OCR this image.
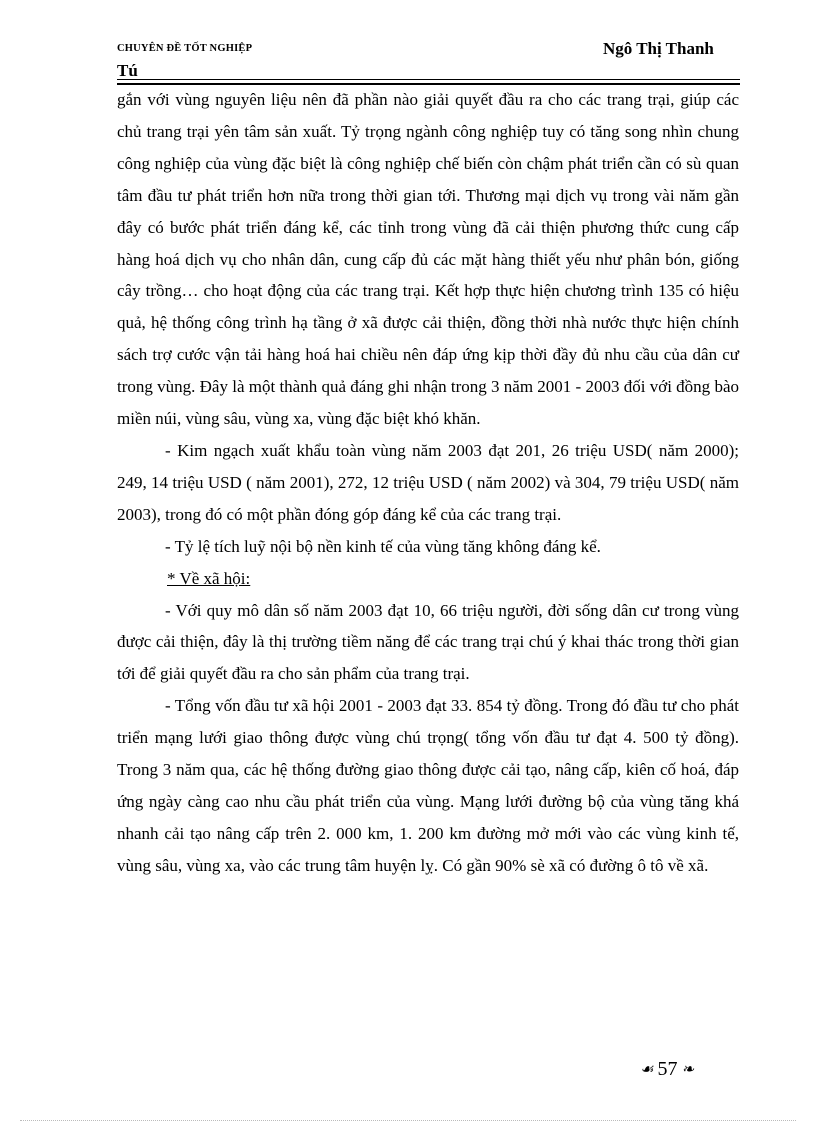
CHUYÊN ĐỀ TỐT NGHIỆP	Ngô Thị Thanh
Tú

gắn với vùng nguyên liệu nên đã phần nào giải quyết đầu ra cho các trang trại, giúp các chủ trang trại yên tâm sản xuất. Tỷ trọng ngành công nghiệp tuy có tăng song nhìn chung công nghiệp của vùng đặc biệt là công nghiệp chế biến còn chậm phát triển cần có sù quan tâm đầu tư phát triển hơn nữa trong thời gian tới. Thương mại dịch vụ trong vài năm gần đây có bước phát triển đáng kể, các tỉnh trong vùng đã cải thiện phương thức cung cấp hàng hoá dịch vụ cho nhân dân, cung cấp đủ các mặt hàng thiết yếu như phân bón, giống cây trồng… cho hoạt động của các trang trại. Kết hợp thực hiện chương trình 135 có hiệu quả, hệ thống công trình hạ tầng ở xã được cải thiện, đồng thời nhà nước thực hiện chính sách trợ cước vận tải hàng hoá hai chiều nên đáp ứng kịp thời đầy đủ nhu cầu của dân cư trong vùng. Đây là một thành quả đáng ghi nhận trong 3 năm 2001 - 2003 đối với đồng bào miền núi, vùng sâu, vùng xa, vùng đặc biệt khó khăn.

- Kim ngạch xuất khẩu toàn vùng năm 2003 đạt 201, 26 triệu USD( năm 2000); 249, 14 triệu USD ( năm 2001), 272, 12 triệu USD ( năm 2002) và 304, 79 triệu USD( năm 2003), trong đó có một phần đóng góp đáng kể của các trang trại.

- Tỷ lệ tích luỹ nội bộ nền kinh tế của vùng tăng không đáng kể.

* Về xã hội:

- Với quy mô dân số năm 2003 đạt 10, 66 triệu người, đời sống dân cư trong vùng được cải thiện, đây là thị trường tiềm năng để các trang trại chú ý khai thác trong thời gian tới để giải quyết đầu ra cho sản phẩm của trang trại.

- Tổng vốn đầu tư xã hội 2001 - 2003 đạt 33. 854 tỷ đồng. Trong đó đầu tư cho phát triển mạng lưới giao thông được vùng chú trọng( tổng vốn đầu tư đạt 4. 500 tỷ đồng). Trong 3 năm qua, các hệ thống đường giao thông được cải tạo, nâng cấp, kiên cố hoá, đáp ứng ngày càng cao nhu cầu phát triển của vùng. Mạng lưới đường bộ của vùng tăng khá nhanh cải tạo nâng cấp trên 2. 000 km, 1. 200 km đường mở mới vào các vùng kinh tế, vùng sâu, vùng xa, vào các trung tâm huyện lỵ. Có gần 90% sè xã có đường ô tô về xã.

☙ 57 ❧
